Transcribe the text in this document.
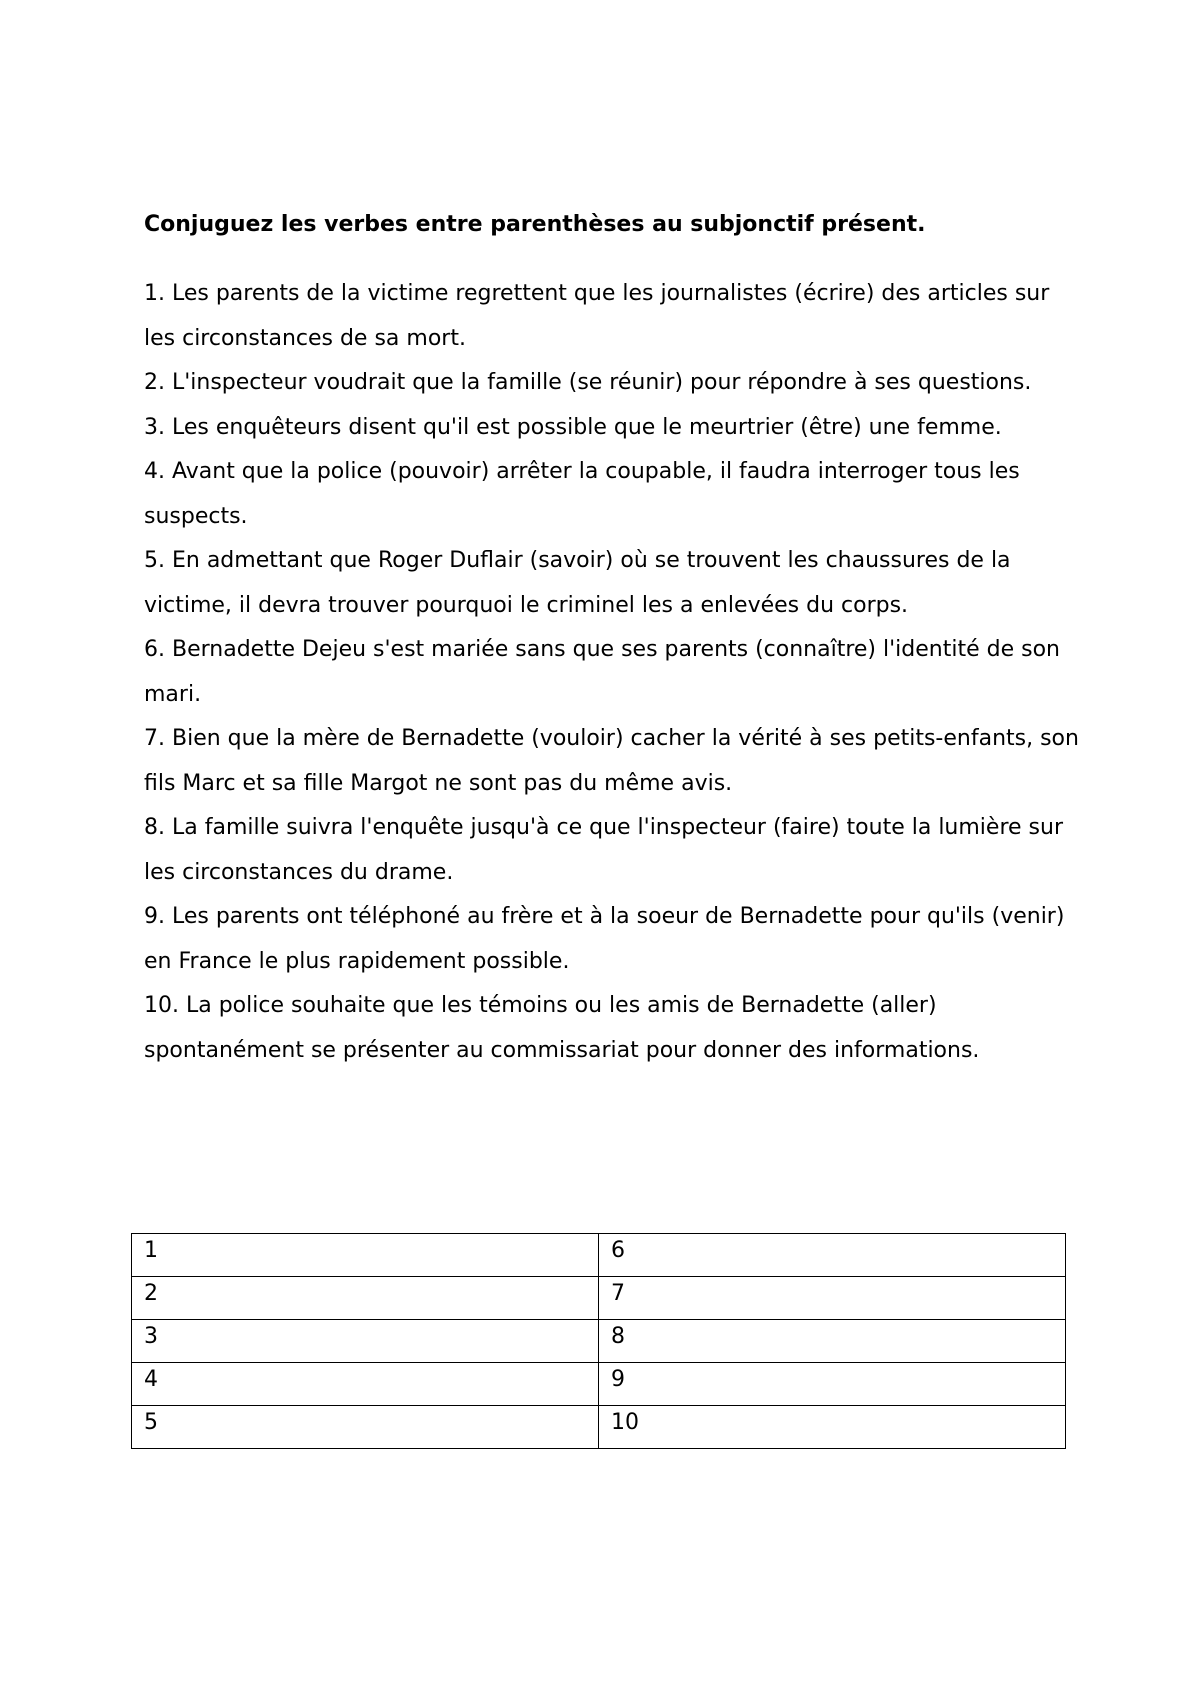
Conjuguez les verbes entre parenthèses au subjonctif présent.

1. Les parents de la victime regrettent que les journalistes (écrire) des articles sur les circonstances de sa mort.
2. L'inspecteur voudrait que la famille (se réunir) pour répondre à ses questions.
3. Les enquêteurs disent qu'il est possible que le meurtrier (être) une femme.
4. Avant que la police (pouvoir) arrêter la coupable, il faudra interroger tous les suspects.
5. En admettant que Roger Duflair (savoir) où se trouvent les chaussures de la victime, il devra trouver pourquoi le criminel les a enlevées du corps.
6. Bernadette Dejeu s'est mariée sans que ses parents (connaître) l'identité de son mari.
7. Bien que la mère de Bernadette (vouloir) cacher la vérité à ses petits-enfants, son fils Marc et sa fille Margot ne sont pas du même avis.
8. La famille suivra l'enquête jusqu'à ce que l'inspecteur (faire) toute la lumière sur les circonstances du drame.
9. Les parents ont téléphoné au frère et à la soeur de Bernadette pour qu'ils (venir) en France le plus rapidement possible.
10. La police souhaite que les témoins ou les amis de Bernadette (aller) spontanément se présenter au commissariat pour donner des informations.
1	6
2	7
3	8
4	9
5	10
